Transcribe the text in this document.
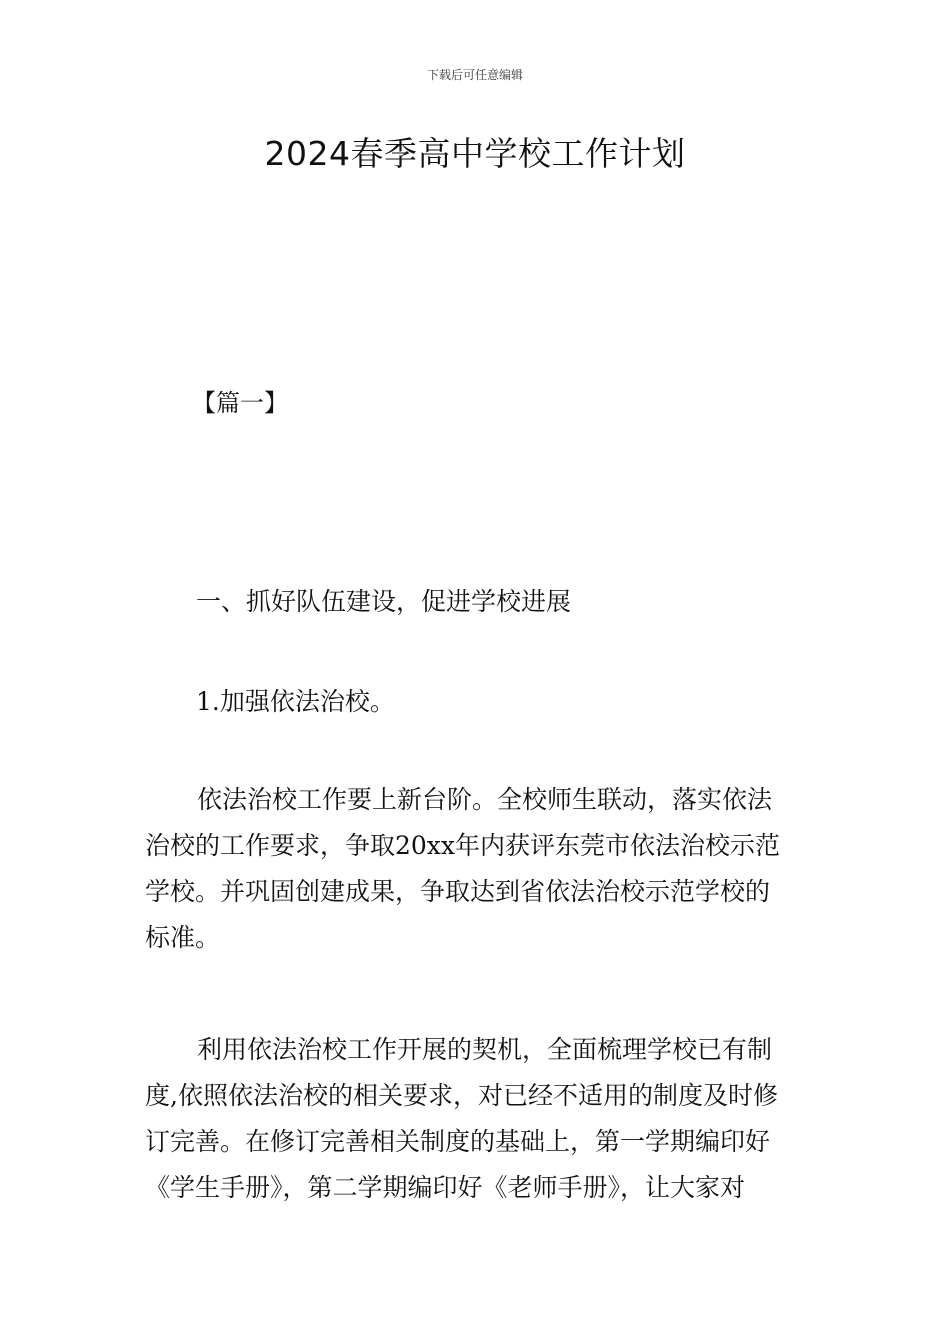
下载后可任意编辑
2024春季高中学校工作计划
【篇一】
一、抓好队伍建设，促进学校进展
1.加强依法治校。

依法治校工作要上新台阶。全校师生联动，落实依法
治校的工作要求，争取20xx年内获评东莞市依法治校示范
学校。并巩固创建成果，争取达到省依法治校示范学校的
标准。

利用依法治校工作开展的契机，全面梳理学校已有制
度,依照依法治校的相关要求，对已经不适用的制度及时修
订完善。在修订完善相关制度的基础上，第一学期编印好
《学生手册》，第二学期编印好《老师手册》，让大家对
